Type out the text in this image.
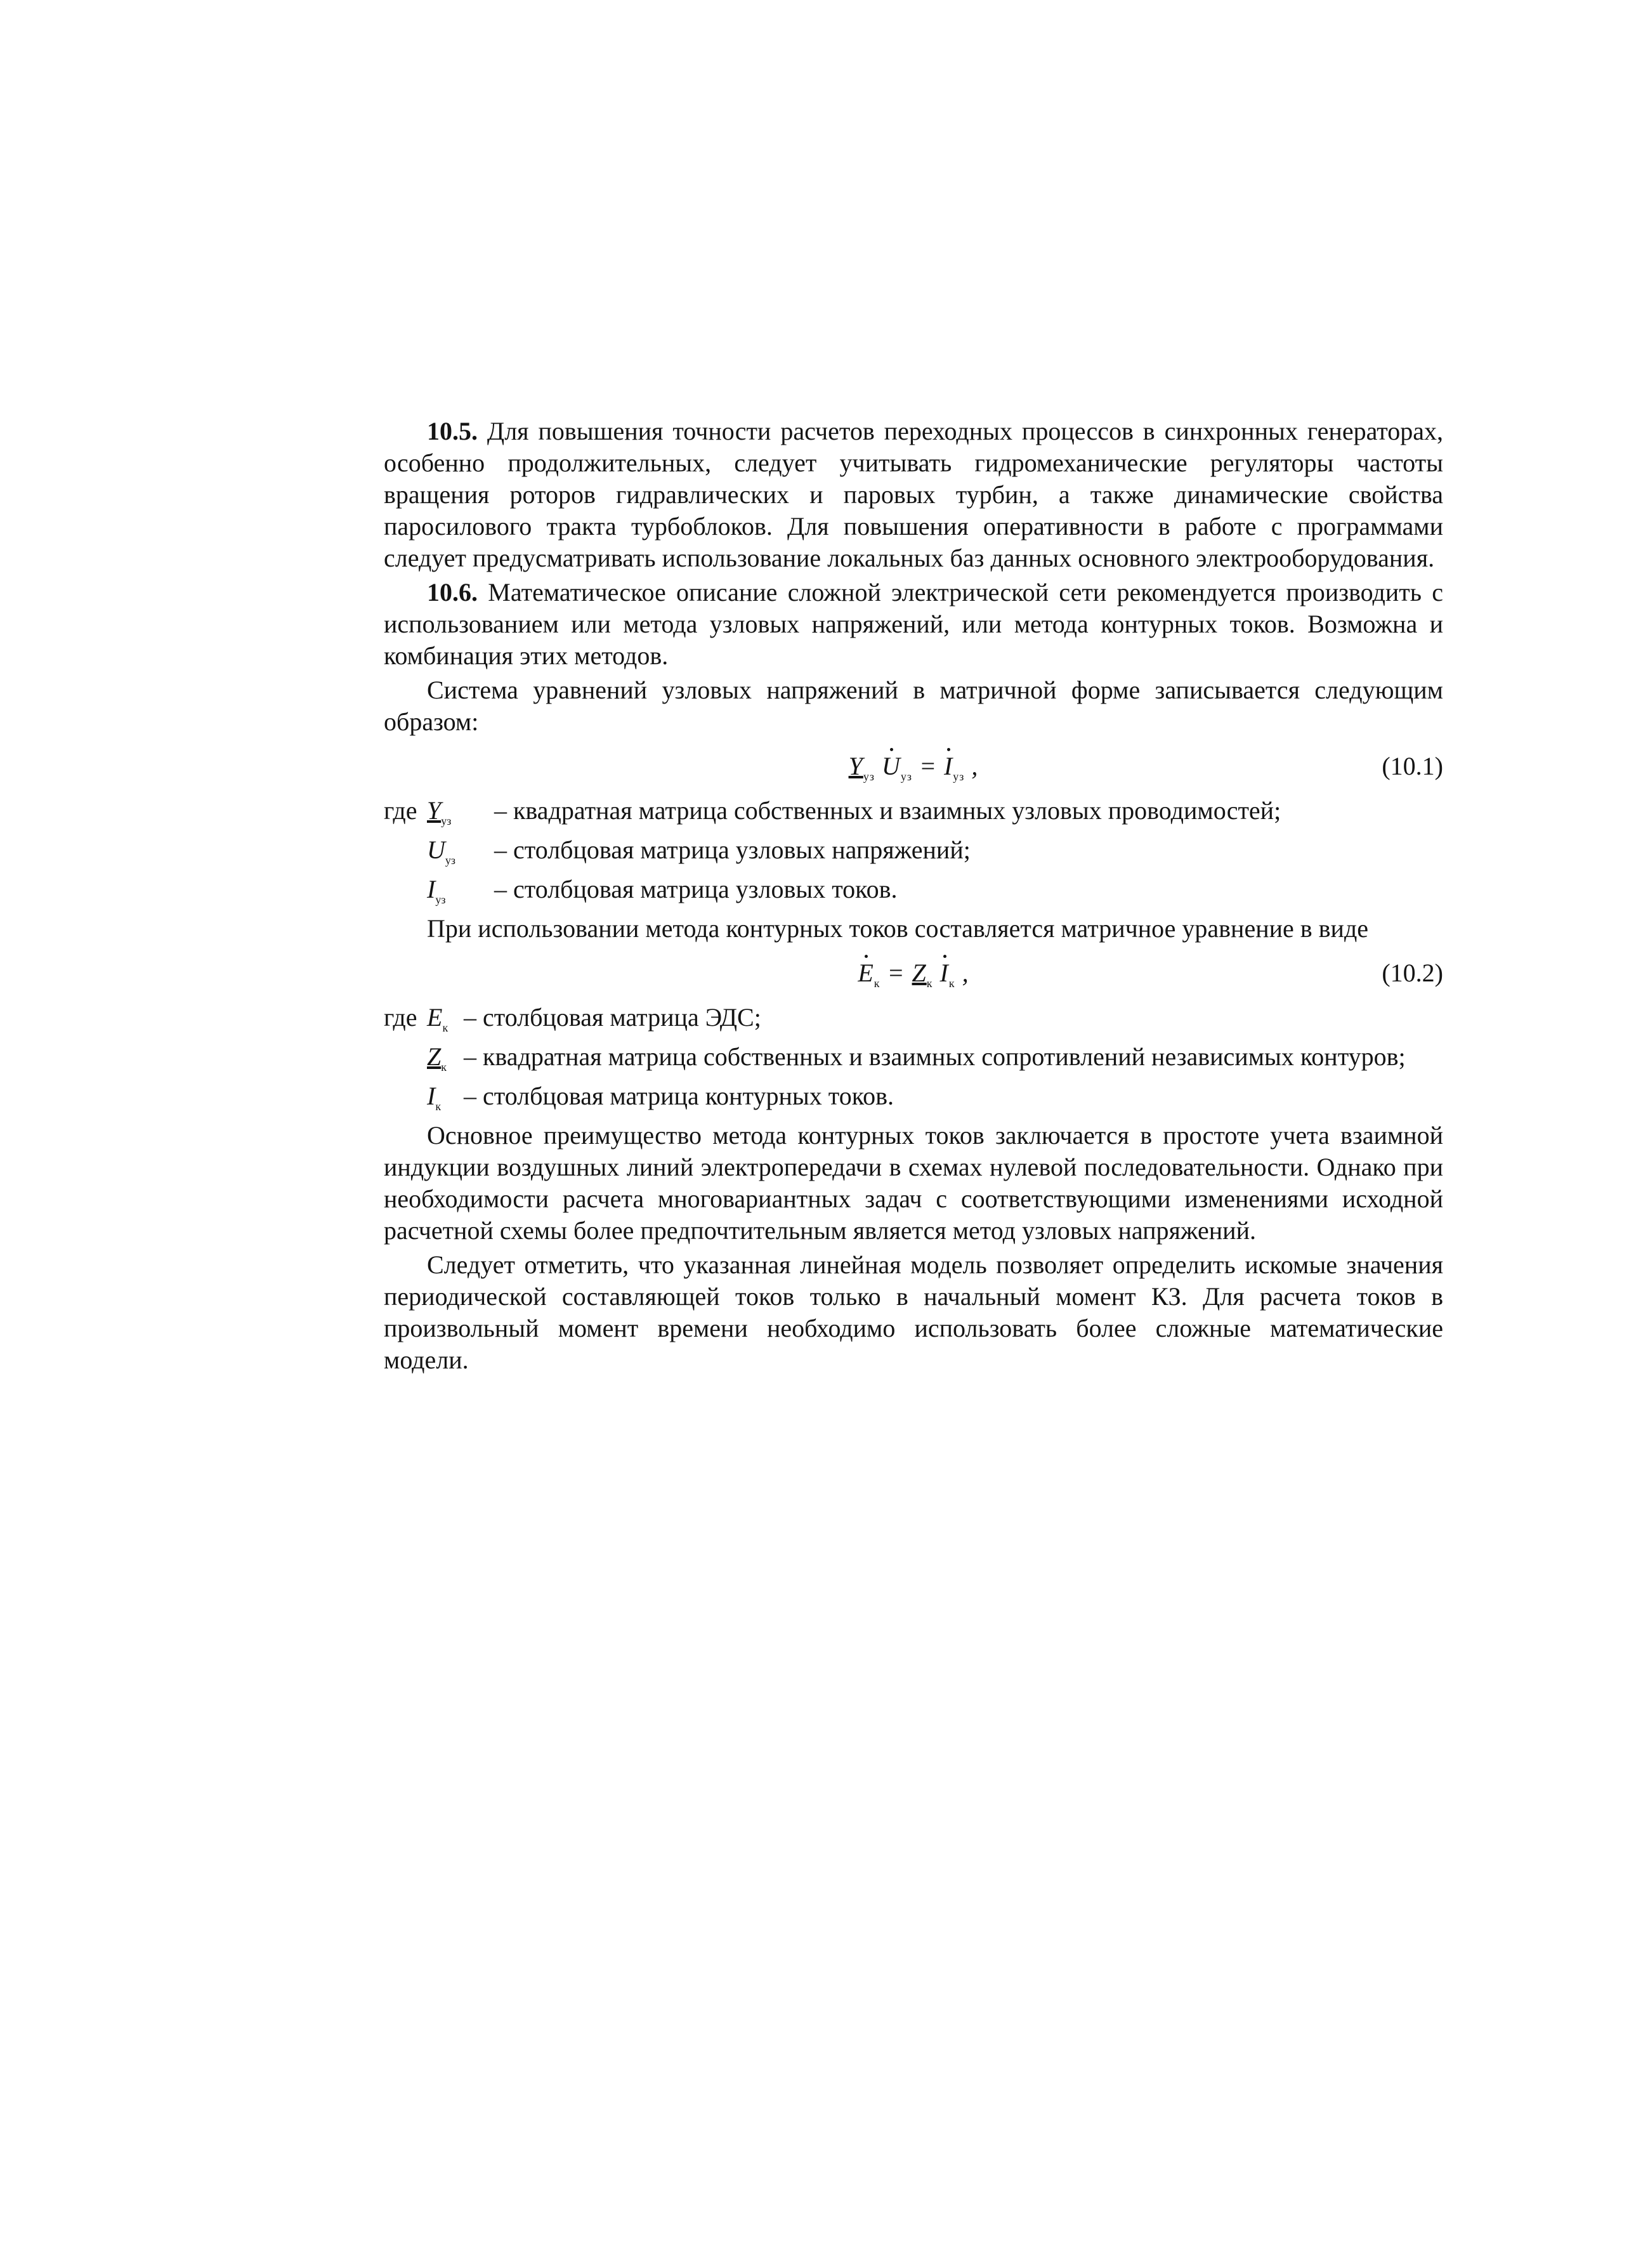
10.5. Для повышения точности расчетов переходных процессов в синхронных генераторах, особенно продолжительных, следует учитывать гидромеханические регуляторы частоты вращения роторов гидравлических и паровых турбин, а также динамические свойства паросилового тракта турбоблоков. Для повышения оперативности в работе с программами следует предусматривать использование локальных баз данных основного электрооборудования.

10.6. Математическое описание сложной электрической сети рекомендуется производить с использованием или метода узловых напряжений, или метода контурных токов. Возможна и комбинация этих методов.

Система уравнений узловых напряжений в матричной форме записывается следующим образом:

$Y_{уз}$ $U_{уз} = I_{уз}$ ,	(10.1)
где $Y_{уз}$	– квадратная матрица собственных и взаимных узловых проводимостей;
$U_{уз}$	– столбцовая матрица узловых напряжений;
$I_{уз}$	– столбцовая матрица узловых токов.

При использовании метода контурных токов составляется матричное уравнение в виде

$E_к = Z_к$ $I_к$ ,	(10.2)
где $E_к$ – столбцовая матрица ЭДС;
$Z_к$ – квадратная матрица собственных и взаимных сопротивлений независимых контуров;
$I_к$ – столбцовая матрица контурных токов.

Основное преимущество метода контурных токов заключается в простоте учета взаимной индукции воздушных линий электропередачи в схемах нулевой последовательности. Однако при необходимости расчета многовариантных задач с соответствующими изменениями исходной расчетной схемы более предпочтительным является метод узловых напряжений.

Следует отметить, что указанная линейная модель позволяет определить искомые значения периодической составляющей токов только в начальный момент КЗ. Для расчета токов в произвольный момент времени необходимо использовать более сложные математические модели.
